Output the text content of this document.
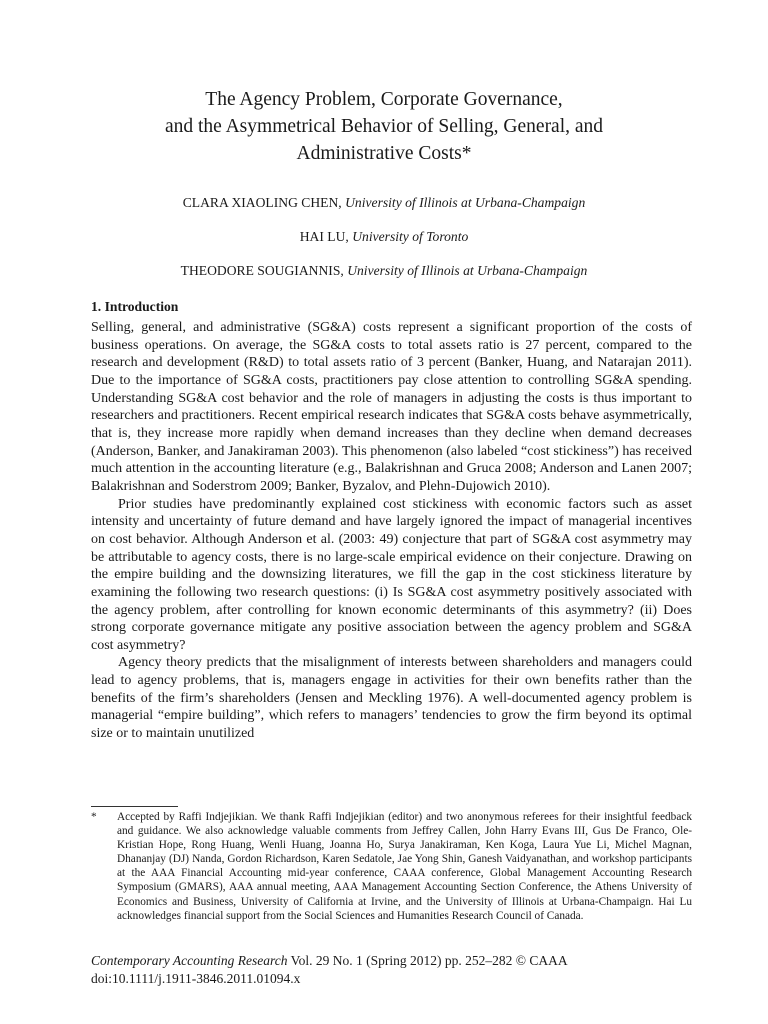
The Agency Problem, Corporate Governance,
and the Asymmetrical Behavior of Selling, General, and
Administrative Costs*
CLARA XIAOLING CHEN, University of Illinois at Urbana-Champaign
HAI LU, University of Toronto
THEODORE SOUGIANNIS, University of Illinois at Urbana-Champaign
1. Introduction

Selling, general, and administrative (SG&A) costs represent a significant proportion of the costs of business operations. On average, the SG&A costs to total assets ratio is 27 percent, compared to the research and development (R&D) to total assets ratio of 3 percent (Banker, Huang, and Natarajan 2011). Due to the importance of SG&A costs, practitioners pay close attention to controlling SG&A spending. Understanding SG&A cost behavior and the role of managers in adjusting the costs is thus important to researchers and practitioners. Recent empirical research indicates that SG&A costs behave asymmetrically, that is, they increase more rapidly when demand increases than they decline when demand decreases (Anderson, Banker, and Janakiraman 2003). This phenomenon (also labeled “cost stickiness”) has received much attention in the accounting literature (e.g., Balakrishnan and Gruca 2008; Anderson and Lanen 2007; Balakrishnan and Soderstrom 2009; Banker, Byzalov, and Plehn-Dujowich 2010).

Prior studies have predominantly explained cost stickiness with economic factors such as asset intensity and uncertainty of future demand and have largely ignored the impact of managerial incentives on cost behavior. Although Anderson et al. (2003: 49) conjecture that part of SG&A cost asymmetry may be attributable to agency costs, there is no large-scale empirical evidence on their conjecture. Drawing on the empire building and the downsizing literatures, we fill the gap in the cost stickiness literature by examining the following two research questions: (i) Is SG&A cost asymmetry positively associated with the agency problem, after controlling for known economic determinants of this asymmetry? (ii) Does strong corporate governance mitigate any positive association between the agency problem and SG&A cost asymmetry?

Agency theory predicts that the misalignment of interests between shareholders and managers could lead to agency problems, that is, managers engage in activities for their own benefits rather than the benefits of the firm’s shareholders (Jensen and Meckling 1976). A well-documented agency problem is managerial “empire building”, which refers to managers’ tendencies to grow the firm beyond its optimal size or to maintain unutilized

* Accepted by Raffi Indjejikian. We thank Raffi Indjejikian (editor) and two anonymous referees for their insightful feedback and guidance. We also acknowledge valuable comments from Jeffrey Callen, John Harry Evans III, Gus De Franco, Ole-Kristian Hope, Rong Huang, Wenli Huang, Joanna Ho, Surya Janakiraman, Ken Koga, Laura Yue Li, Michel Magnan, Dhananjay (DJ) Nanda, Gordon Richardson, Karen Sedatole, Jae Yong Shin, Ganesh Vaidyanathan, and workshop participants at the AAA Financial Accounting mid-year conference, CAAA conference, Global Management Accounting Research Symposium (GMARS), AAA annual meeting, AAA Management Accounting Section Conference, the Athens University of Economics and Business, University of California at Irvine, and the University of Illinois at Urbana-Champaign. Hai Lu acknowledges financial support from the Social Sciences and Humanities Research Council of Canada.
Contemporary Accounting Research Vol. 29 No. 1 (Spring 2012) pp. 252–282 © CAAA
doi:10.1111/j.1911-3846.2011.01094.x
